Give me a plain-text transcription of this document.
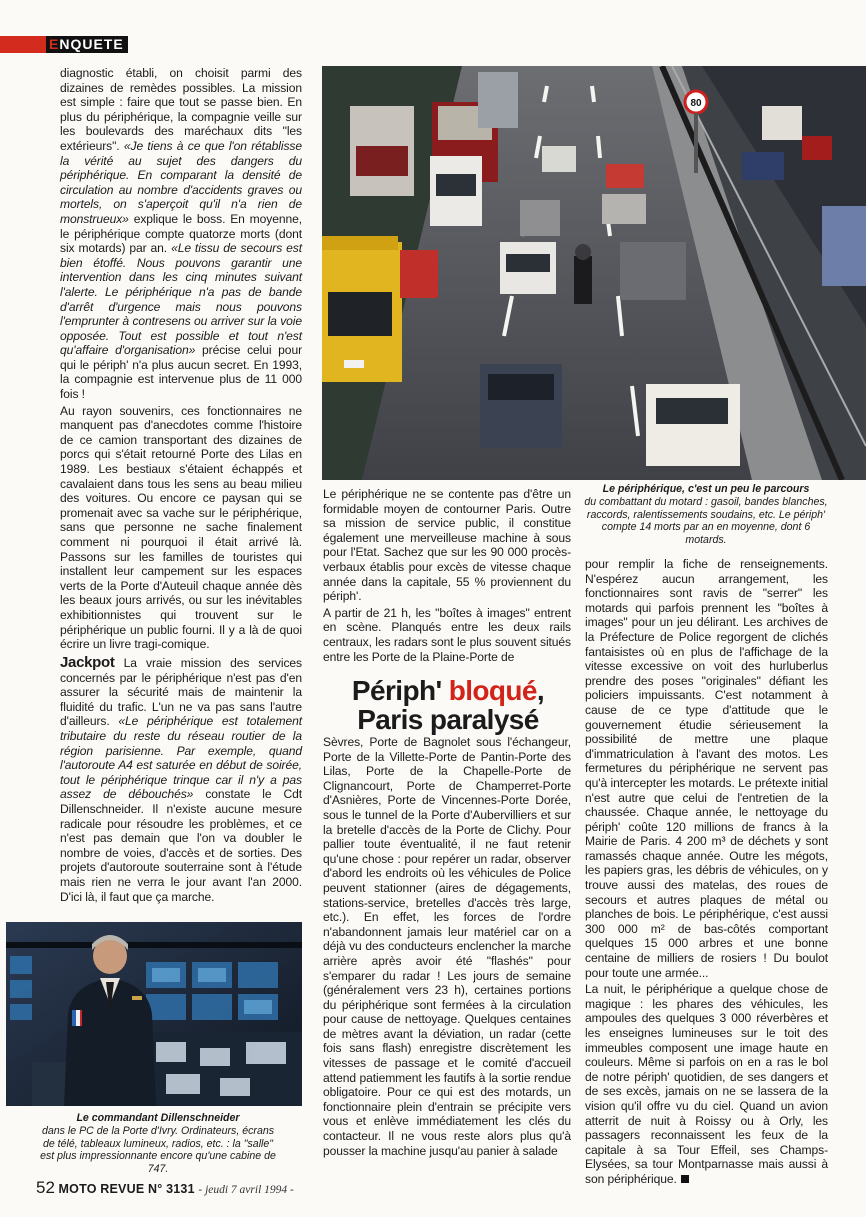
ENQUETE

diagnostic établi, on choisit parmi des dizaines de remèdes possibles. La mission est simple : faire que tout se passe bien. En plus du périphérique, la compagnie veille sur les boulevards des maréchaux dits "les extérieurs". «Je tiens à ce que l'on rétablisse la vérité au sujet des dangers du périphérique. En comparant la densité de circulation au nombre d'accidents graves ou mortels, on s'aperçoit qu'il n'a rien de monstrueux» explique le boss. En moyenne, le périphérique compte quatorze morts (dont six motards) par an. «Le tissu de secours est bien étoffé. Nous pouvons garantir une intervention dans les cinq minutes suivant l'alerte. Le périphérique n'a pas de bande d'arrêt d'urgence mais nous pouvons l'emprunter à contresens ou arriver sur la voie opposée. Tout est possible et tout n'est qu'affaire d'organisation» précise celui pour qui le périph' n'a plus aucun secret. En 1993, la compagnie est intervenue plus de 11 000 fois !

Au rayon souvenirs, ces fonctionnaires ne manquent pas d'anecdotes comme l'histoire de ce camion transportant des dizaines de porcs qui s'était retourné Porte des Lilas en 1989. Les bestiaux s'étaient échappés et cavalaient dans tous les sens au beau milieu des voitures. Ou encore ce paysan qui se promenait avec sa vache sur le périphérique, sans que personne ne sache finalement comment ni pourquoi il était arrivé là. Passons sur les familles de touristes qui installent leur campement sur les espaces verts de la Porte d'Auteuil chaque année dès les beaux jours arrivés, ou sur les inévitables exhibitionnistes qui trouvent sur le périphérique un public fourni. Il y a là de quoi écrire un livre tragi-comique.

Jackpot La vraie mission des services concernés par le périphérique n'est pas d'en assurer la sécurité mais de maintenir la fluidité du trafic. L'un ne va pas sans l'autre d'ailleurs. «Le périphérique est totalement tributaire du reste du réseau routier de la région parisienne. Par exemple, quand l'autoroute A4 est saturée en début de soirée, tout le périphérique trinque car il n'y a pas assez de débouchés» constate le Cdt Dillenschneider. Il n'existe aucune mesure radicale pour résoudre les problèmes, et ce n'est pas demain que l'on va doubler le nombre de voies, d'accès et de sorties. Des projets d'autoroute souterraine sont à l'étude mais rien ne verra le jour avant l'an 2000. D'ici là, il faut que ça marche.

Le commandant Dillenschneider
dans le PC de la Porte d'Ivry. Ordinateurs, écrans de télé, tableaux lumineux, radios, etc. : la "salle" est plus impressionnante encore qu'une cabine de 747.
80
Le périphérique, c'est un peu le parcours
du combattant du motard : gasoil, bandes blanches, raccords, ralentissements soudains, etc. Le périph' compte 14 morts par an en moyenne, dont 6 motards.

Le périphérique ne se contente pas d'être un formidable moyen de contourner Paris. Outre sa mission de service public, il constitue également une merveilleuse machine à sous pour l'Etat. Sachez que sur les 90 000 procès-verbaux établis pour excès de vitesse chaque année dans la capitale, 55 % proviennent du périph'.

A partir de 21 h, les "boîtes à images" entrent en scène. Planqués entre les deux rails centraux, les radars sont le plus souvent situés entre les Porte de la Plaine-Porte de

Périph' bloqué,
Paris paralysé

Sèvres, Porte de Bagnolet sous l'échangeur, Porte de la Villette-Porte de Pantin-Porte des Lilas, Porte de la Chapelle-Porte de Clignancourt, Porte de Champerret-Porte d'Asnières, Porte de Vincennes-Porte Dorée, sous le tunnel de la Porte d'Aubervilliers et sur la bretelle d'accès de la Porte de Clichy. Pour pallier toute éventualité, il ne faut retenir qu'une chose : pour repérer un radar, observer d'abord les endroits où les véhicules de Police peuvent stationner (aires de dégagements, stations-service, bretelles d'accès très large, etc.). En effet, les forces de l'ordre n'abandonnent jamais leur matériel car on a déjà vu des conducteurs enclencher la marche arrière après avoir été "flashés" pour s'emparer du radar ! Les jours de semaine (généralement vers 23 h), certaines portions du périphérique sont fermées à la circulation pour cause de nettoyage. Quelques centaines de mètres avant la déviation, un radar (cette fois sans flash) enregistre discrètement les vitesses de passage et le comité d'accueil attend patiemment les fautifs à la sortie rendue obligatoire. Pour ce qui est des motards, un fonctionnaire plein d'entrain se précipite vers vous et enlève immédiatement les clés du contacteur. Il ne vous reste alors plus qu'à pousser la machine jusqu'au panier à salade

pour remplir la fiche de renseignements. N'espérez aucun arrangement, les fonctionnaires sont ravis de "serrer" les motards qui parfois prennent les "boîtes à images" pour un jeu délirant. Les archives de la Préfecture de Police regorgent de clichés fantaisistes où en plus de l'affichage de la vitesse excessive on voit des hurluberlus prendre des poses "originales" défiant les policiers impuissants. C'est notamment à cause de ce type d'attitude que le gouvernement étudie sérieusement la possibilité de mettre une plaque d'immatriculation à l'avant des motos. Les fermetures du périphérique ne servent pas qu'à intercepter les motards. Le prétexte initial n'est autre que celui de l'entretien de la chaussée. Chaque année, le nettoyage du périph' coûte 120 millions de francs à la Mairie de Paris. 4 200 m³ de déchets y sont ramassés chaque année. Outre les mégots, les papiers gras, les débris de véhicules, on y trouve aussi des matelas, des roues de secours et autres plaques de métal ou planches de bois. Le périphérique, c'est aussi 300 000 m² de bas-côtés comportant quelques 15 000 arbres et une bonne centaine de milliers de rosiers ! Du boulot pour toute une armée...

La nuit, le périphérique a quelque chose de magique : les phares des véhicules, les ampoules des quelques 3 000 réverbères et les enseignes lumineuses sur le toit des immeubles composent une image haute en couleurs. Même si parfois on en a ras le bol de notre périph' quotidien, de ses dangers et de ses excès, jamais on ne se lassera de la vision qu'il offre vu du ciel. Quand un avion atterrit de nuit à Roissy ou à Orly, les passagers reconnaissent les feux de la capitale à sa Tour Effeil, ses Champs-Elysées, sa tour Montparnasse mais aussi à son périphérique.

52 MOTO REVUE N° 3131 - jeudi 7 avril 1994 -
